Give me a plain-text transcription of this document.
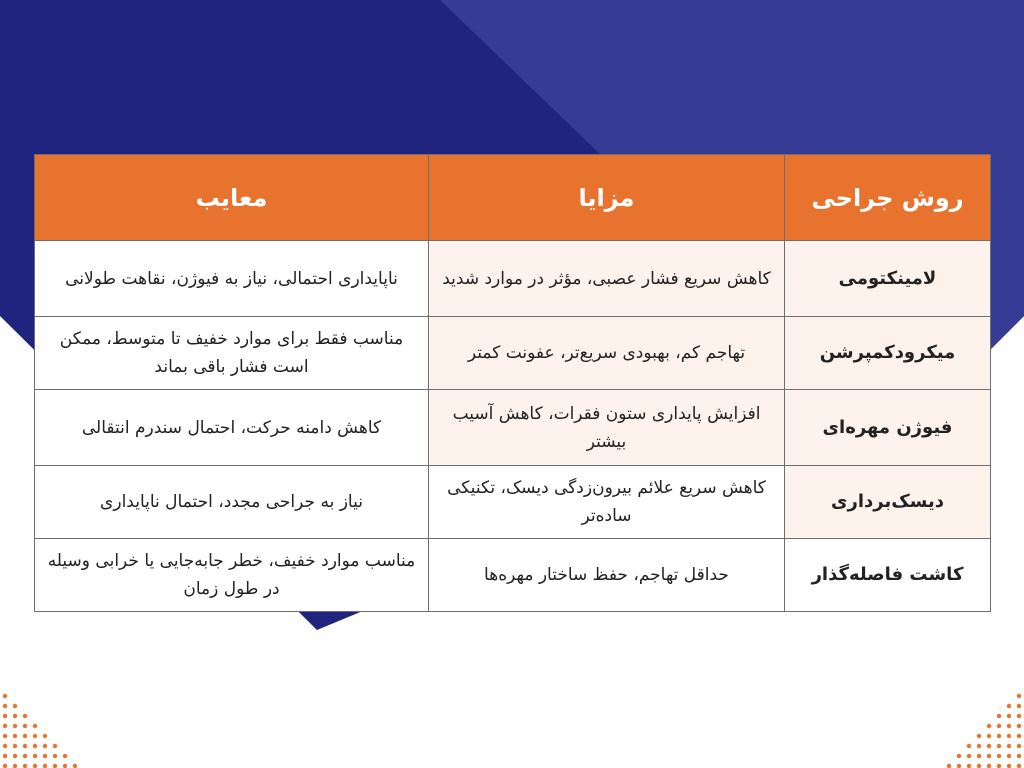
روش جراحی	مزایا	معایب
لامینکتومی	کاهش سریع فشار عصبی، مؤثر در موارد شدید	ناپایداری احتمالی، نیاز به فیوژن، نقاهت طولانی
میکرودکمپرشن	تهاجم کم، بهبودی سریع‌تر، عفونت کمتر	مناسب فقط برای موارد خفیف تا متوسط، ممکن است فشار باقی بماند
فیوژن مهره‌ای	افزایش پایداری ستون فقرات، کاهش آسیب بیشتر	کاهش دامنه حرکت، احتمال سندرم انتقالی
دیسک‌برداری	کاهش سریع علائم بیرون‌زدگی دیسک، تکنیکی ساده‌تر	نیاز به جراحی مجدد، احتمال ناپایداری
کاشت فاصله‌گذار	حداقل تهاجم، حفظ ساختار مهره‌ها	مناسب موارد خفیف، خطر جابه‌جایی یا خرابی وسیله در طول زمان
